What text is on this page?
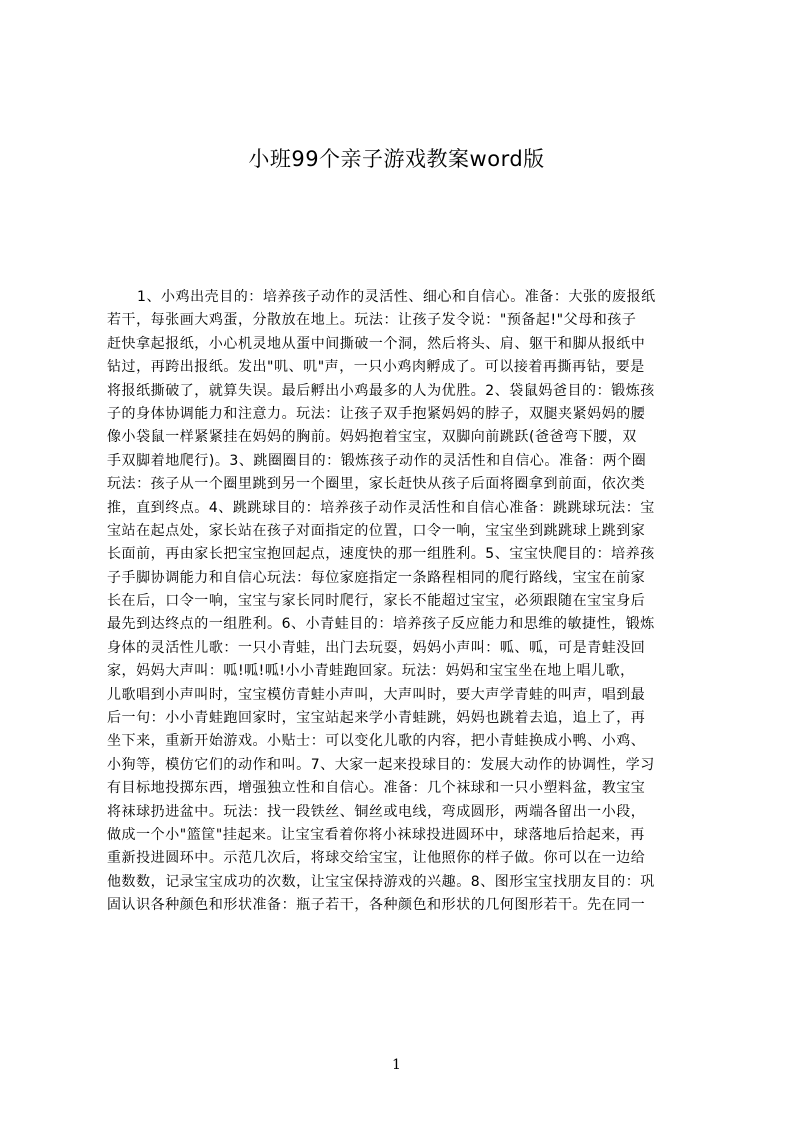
小班99个亲子游戏教案word版
1、小鸡出壳目的：培养孩子动作的灵活性、细心和自信心。准备：大张的废报纸
若干，每张画大鸡蛋，分散放在地上。玩法：让孩子发令说："预备起!"父母和孩子
赶快拿起报纸，小心机灵地从蛋中间撕破一个洞，然后将头、肩、躯干和脚从报纸中
钻过，再跨出报纸。发出"叽、叽"声，一只小鸡肉孵成了。可以接着再撕再钻，要是
将报纸撕破了，就算失误。最后孵出小鸡最多的人为优胜。2、袋鼠妈爸目的：锻炼孩
子的身体协调能力和注意力。玩法：让孩子双手抱紧妈妈的脖子，双腿夹紧妈妈的腰
像小袋鼠一样紧紧挂在妈妈的胸前。妈妈抱着宝宝，双脚向前跳跃(爸爸弯下腰，双
手双脚着地爬行)。3、跳圈圈目的：锻炼孩子动作的灵活性和自信心。准备：两个圈
玩法：孩子从一个圈里跳到另一个圈里，家长赶快从孩子后面将圈拿到前面，依次类
推，直到终点。4、跳跳球目的：培养孩子动作灵活性和自信心准备：跳跳球玩法：宝
宝站在起点处，家长站在孩子对面指定的位置，口令一响，宝宝坐到跳跳球上跳到家
长面前，再由家长把宝宝抱回起点，速度快的那一组胜利。5、宝宝快爬目的：培养孩
子手脚协调能力和自信心玩法：每位家庭指定一条路程相同的爬行路线，宝宝在前家
长在后，口令一响，宝宝与家长同时爬行，家长不能超过宝宝，必须跟随在宝宝身后
最先到达终点的一组胜利。6、小青蛙目的：培养孩子反应能力和思维的敏捷性，锻炼
身体的灵活性儿歌：一只小青蛙，出门去玩耍，妈妈小声叫：呱、呱，可是青蛙没回
家，妈妈大声叫：呱!呱!呱!小小青蛙跑回家。玩法：妈妈和宝宝坐在地上唱儿歌，
儿歌唱到小声叫时，宝宝模仿青蛙小声叫，大声叫时，要大声学青蛙的叫声，唱到最
后一句：小小青蛙跑回家时，宝宝站起来学小青蛙跳，妈妈也跳着去追，追上了，再
坐下来，重新开始游戏。小贴士：可以变化儿歌的内容，把小青蛙换成小鸭、小鸡、
小狗等，模仿它们的动作和叫。7、大家一起来投球目的：发展大动作的协调性，学习
有目标地投掷东西，增强独立性和自信心。准备：几个袜球和一只小塑料盆，教宝宝
将袜球扔进盆中。玩法：找一段铁丝、铜丝或电线，弯成圆形，两端各留出一小段，
做成一个小"篮筐"挂起来。让宝宝看着你将小袜球投进圆环中，球落地后拾起来，再
重新投进圆环中。示范几次后，将球交给宝宝，让他照你的样子做。你可以在一边给
他数数，记录宝宝成功的次数，让宝宝保持游戏的兴趣。8、图形宝宝找朋友目的：巩
固认识各种颜色和形状准备：瓶子若干，各种颜色和形状的几何图形若干。先在同一
1
